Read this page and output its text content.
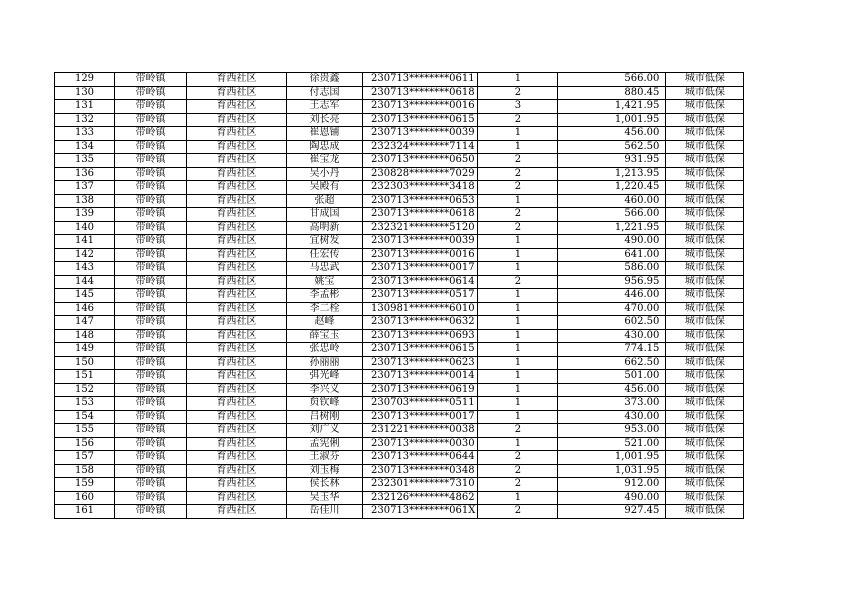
129	带岭镇	育西社区	徐贵鑫	230713********0611	1	566.00	城市低保
130	带岭镇	育西社区	付志国	230713********0618	2	880.45	城市低保
131	带岭镇	育西社区	王志军	230713********0016	3	1,421.95	城市低保
132	带岭镇	育西社区	刘长亮	230713********0615	2	1,001.95	城市低保
133	带岭镇	育西社区	崔恩铺	230713********0039	1	456.00	城市低保
134	带岭镇	育西社区	陶忠成	232324********7114	1	562.50	城市低保
135	带岭镇	育西社区	崔宝龙	230713********0650	2	931.95	城市低保
136	带岭镇	育西社区	吴小丹	230828********7029	2	1,213.95	城市低保
137	带岭镇	育西社区	吴殿有	232303********3418	2	1,220.45	城市低保
138	带岭镇	育西社区	张超	230713********0653	1	460.00	城市低保
139	带岭镇	育西社区	甘成国	230713********0618	2	566.00	城市低保
140	带岭镇	育西社区	高明新	232321********5120	2	1,221.95	城市低保
141	带岭镇	育西社区	宜树发	230713********0039	1	490.00	城市低保
142	带岭镇	育西社区	任宏传	230713********0016	1	641.00	城市低保
143	带岭镇	育西社区	马忠武	230713********0017	1	586.00	城市低保
144	带岭镇	育西社区	姚宝	230713********0614	2	956.95	城市低保
145	带岭镇	育西社区	李孟彬	230713********0517	1	446.00	城市低保
146	带岭镇	育西社区	李二栓	130981********6010	1	470.00	城市低保
147	带岭镇	育西社区	赵峰	230713********0632	1	602.50	城市低保
148	带岭镇	育西社区	薛宝玉	230713********0693	1	430.00	城市低保
149	带岭镇	育西社区	张忠岭	230713********0615	1	774.15	城市低保
150	带岭镇	育西社区	孙丽丽	230713********0623	1	662.50	城市低保
151	带岭镇	育西社区	弭光峰	230713********0014	1	501.00	城市低保
152	带岭镇	育西社区	李兴义	230713********0619	1	456.00	城市低保
153	带岭镇	育西社区	贠钦峰	230703********0511	1	373.00	城市低保
154	带岭镇	育西社区	吕树刚	230713********0017	1	430.00	城市低保
155	带岭镇	育西社区	刘广义	231221********0038	2	953.00	城市低保
156	带岭镇	育西社区	孟宪俐	230713********0030	1	521.00	城市低保
157	带岭镇	育西社区	王淑芬	230713********0644	2	1,001.95	城市低保
158	带岭镇	育西社区	刘玉梅	230713********0348	2	1,031.95	城市低保
159	带岭镇	育西社区	侯长林	232301********7310	2	912.00	城市低保
160	带岭镇	育西社区	吴玉华	232126********4862	1	490.00	城市低保
161	带岭镇	育西社区	岳佳川	230713********061X	2	927.45	城市低保
